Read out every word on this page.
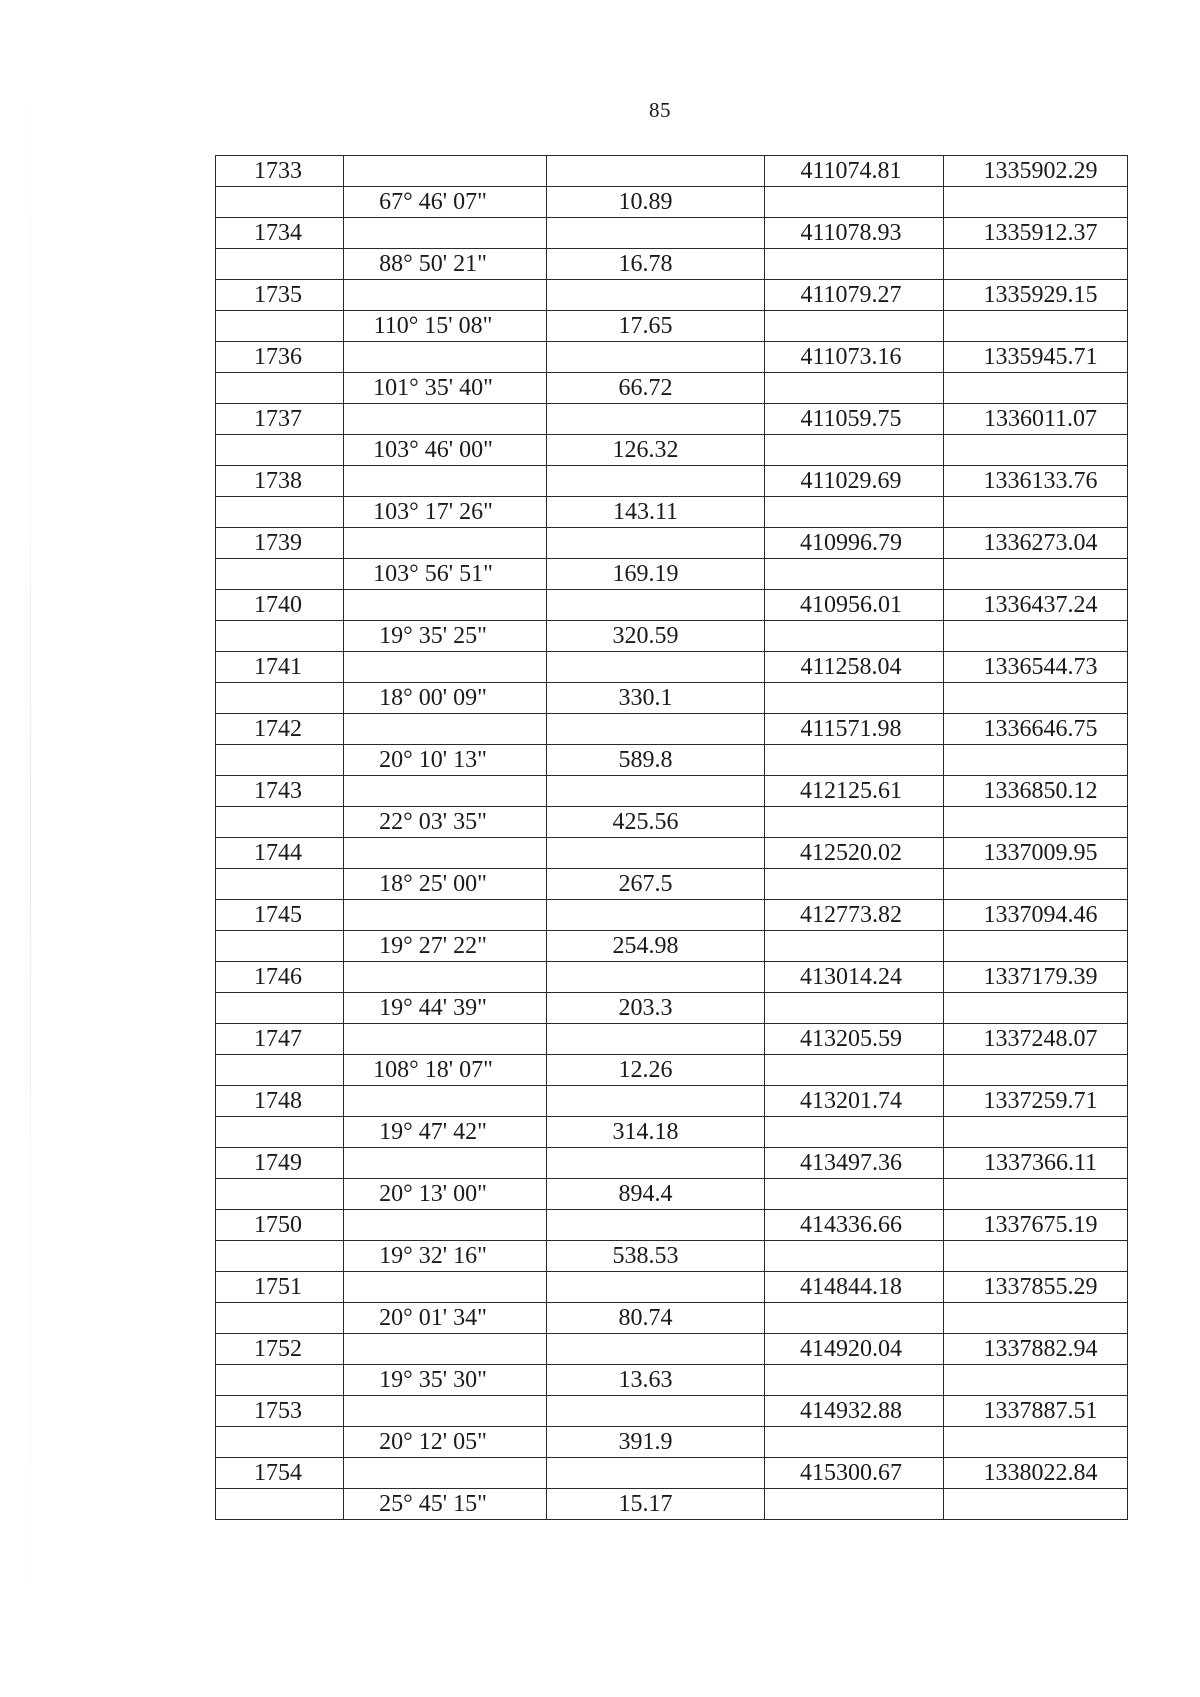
85
1733			411074.81	1335902.29
	67° 46' 07"	10.89		
1734			411078.93	1335912.37
	88° 50' 21"	16.78		
1735			411079.27	1335929.15
	110° 15' 08"	17.65		
1736			411073.16	1335945.71
	101° 35' 40"	66.72		
1737			411059.75	1336011.07
	103° 46' 00"	126.32		
1738			411029.69	1336133.76
	103° 17' 26"	143.11		
1739			410996.79	1336273.04
	103° 56' 51"	169.19		
1740			410956.01	1336437.24
	19° 35' 25"	320.59		
1741			411258.04	1336544.73
	18° 00' 09"	330.1		
1742			411571.98	1336646.75
	20° 10' 13"	589.8		
1743			412125.61	1336850.12
	22° 03' 35"	425.56		
1744			412520.02	1337009.95
	18° 25' 00"	267.5		
1745			412773.82	1337094.46
	19° 27' 22"	254.98		
1746			413014.24	1337179.39
	19° 44' 39"	203.3		
1747			413205.59	1337248.07
	108° 18' 07"	12.26		
1748			413201.74	1337259.71
	19° 47' 42"	314.18		
1749			413497.36	1337366.11
	20° 13' 00"	894.4		
1750			414336.66	1337675.19
	19° 32' 16"	538.53		
1751			414844.18	1337855.29
	20° 01' 34"	80.74		
1752			414920.04	1337882.94
	19° 35' 30"	13.63		
1753			414932.88	1337887.51
	20° 12' 05"	391.9		
1754			415300.67	1338022.84
	25° 45' 15"	15.17		
